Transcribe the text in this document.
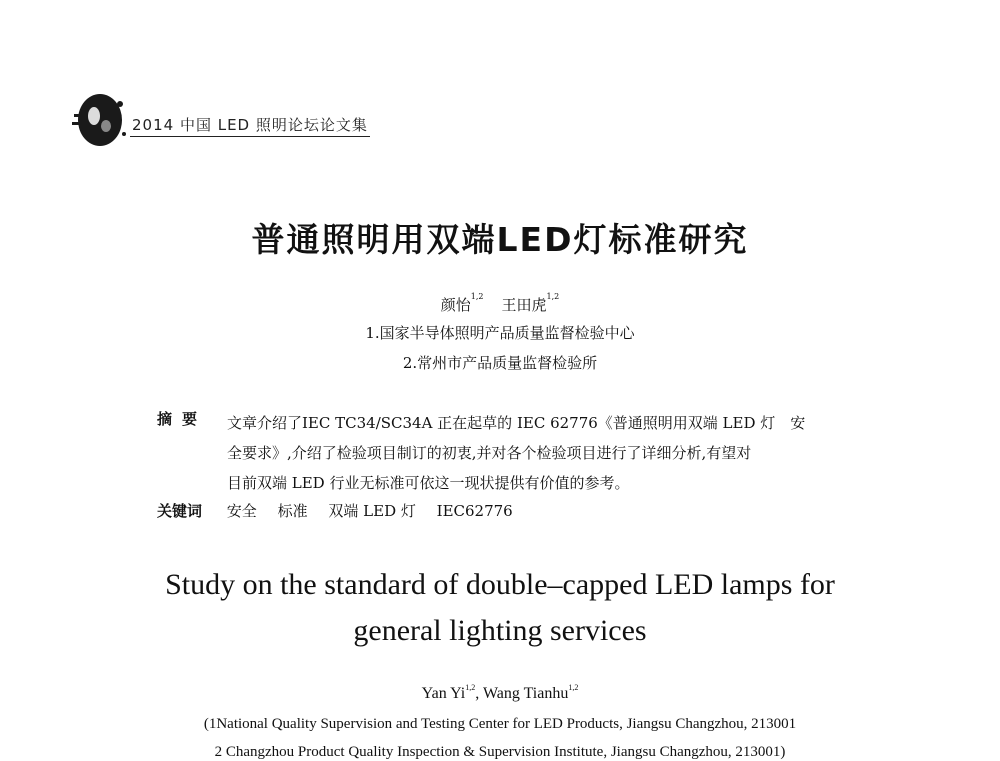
2014 中国 LED 照明论坛论文集
普通照明用双端LED灯标准研究
颜怡$^{1,2}$ 王田虎$^{1,2}$
1.国家半导体照明产品质量监督检验中心
2.常州市产品质量监督检验所
摘要	文章介绍了IEC TC34/SC34A 正在起草的 IEC 62776《普通照明用双端 LED 灯　安
全要求》,介绍了检验项目制订的初衷,并对各个检验项目进行了详细分析,有望对
目前双端 LED 行业无标准可依这一现状提供有价值的参考。
关键词 安全 标准 双端 LED 灯 IEC62776
Study on the standard of double–capped LED lamps for
general lighting services
Yan Yi$^{1,2}$, Wang Tianhu$^{1,2}$
(1National Quality Supervision and Testing Center for LED Products, Jiangsu Changzhou, 213001
2 Changzhou Product Quality Inspection & Supervision Institute, Jiangsu Changzhou, 213001)
